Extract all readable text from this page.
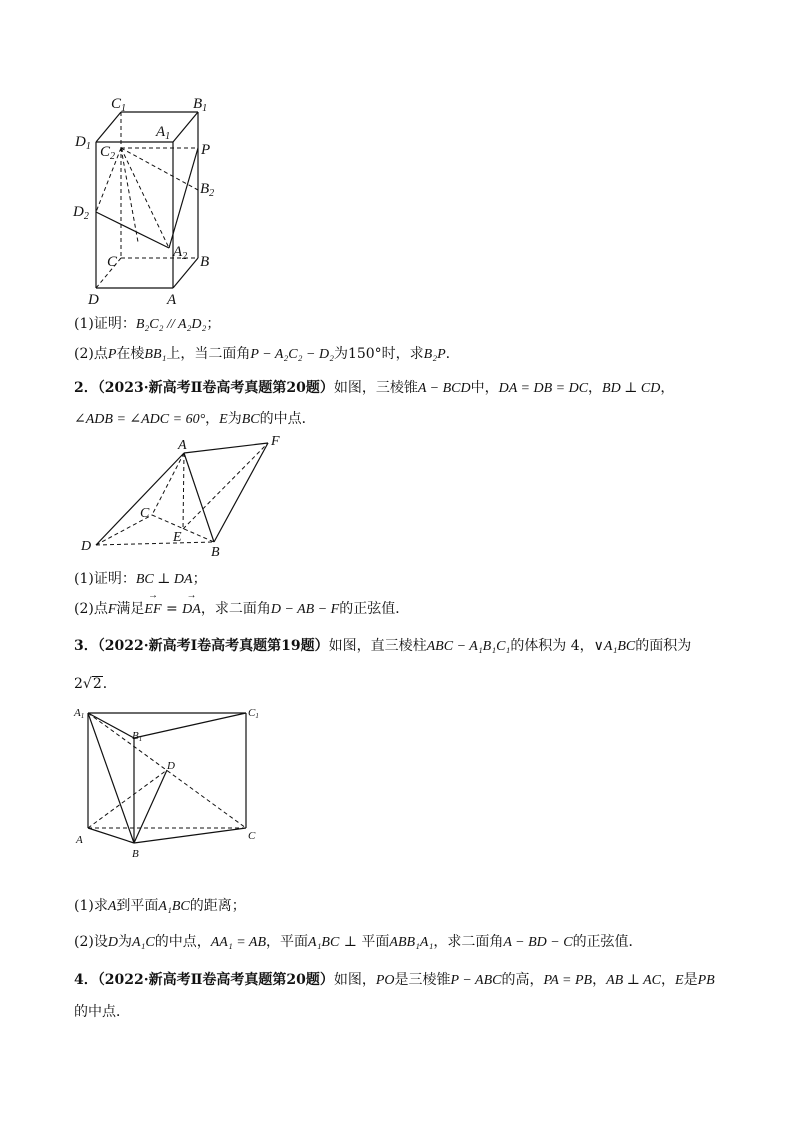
$C_1$	$B_1$
$A_1$
$D_1$ $C_2$	P
$B_2$
$D_2$
$A_2$
C	B
D	A
(1)证明：B₂C₂ // A₂D₂；
(2)点P在棱BB₁上，当二面角P − A₂C₂ − D₂为150°时，求B₂P.
2．（2023·新高考Ⅱ卷高考真题第20题）如图，三棱锥A − BCD中，DA = DB = DC，BD ⊥ CD，
∠ADB = ∠ADC = 60°，E为BC的中点．
A	F
C
E
D	B
(1)证明：BC ⊥ DA；
(2)点F满足→ EF = → DA，求二面角D − AB − F的正弦值．
3．（2022·新高考Ⅰ卷高考真题第19题）如图，直三棱柱ABC − A₁B₁C₁的体积为 4，∨A₁BC的面积为
2√2．
A1
B1
C1
D
A	C
B
(1)求A到平面A₁BC的距离；
(2)设D为A₁C的中点，AA₁ = AB，平面A₁BC ⊥ 平面ABB₁A₁，求二面角A − BD − C的正弦值．
4．（2022·新高考Ⅱ卷高考真题第20题）如图，PO是三棱锥P − ABC的高，PA = PB，AB ⊥ AC，E是PB
的中点．
